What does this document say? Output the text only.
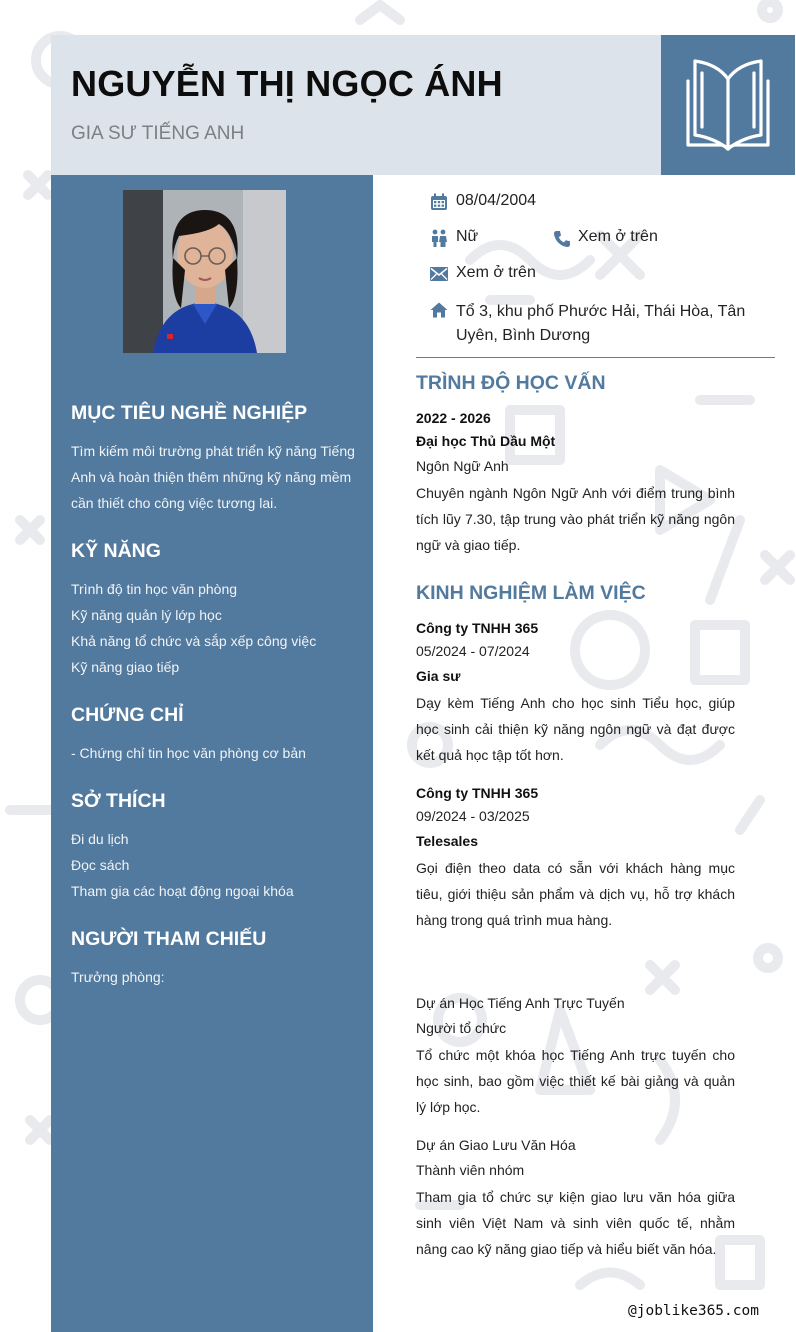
NGUYỄN THỊ NGỌC ÁNH
GIA SƯ TIẾNG ANH
MỤC TIÊU NGHỀ NGHIỆP
Tìm kiếm môi trường phát triển kỹ năng Tiếng Anh và hoàn thiện thêm những kỹ năng mềm cần thiết cho công việc tương lai.
KỸ NĂNG
Trình độ tin học văn phòng
Kỹ năng quản lý lớp học
Khả năng tổ chức và sắp xếp công việc
Kỹ năng giao tiếp
CHỨNG CHỈ
- Chứng chỉ tin học văn phòng cơ bản
SỞ THÍCH
Đi du lịch
Đọc sách
Tham gia các hoạt động ngoại khóa
NGƯỜI THAM CHIẾU
Trưởng phòng:
08/04/2004
Nữ	Xem ở trên
Xem ở trên
Tổ 3, khu phố Phước Hải, Thái Hòa, Tân Uyên, Bình Dương
TRÌNH ĐỘ HỌC VẤN
2022 - 2026
Đại học Thủ Dầu Một
Ngôn Ngữ Anh
Chuyên ngành Ngôn Ngữ Anh với điểm trung bình tích lũy 7.30, tập trung vào phát triển kỹ năng ngôn ngữ và giao tiếp.
KINH NGHIỆM LÀM VIỆC
Công ty TNHH 365
05/2024 - 07/2024
Gia sư
Dạy kèm Tiếng Anh cho học sinh Tiểu học, giúp học sinh cải thiện kỹ năng ngôn ngữ và đạt được kết quả học tập tốt hơn.
Công ty TNHH 365
09/2024 - 03/2025
Telesales
Gọi điện theo data có sẵn với khách hàng mục tiêu, giới thiệu sản phẩm và dịch vụ, hỗ trợ khách hàng trong quá trình mua hàng.
Dự án Học Tiếng Anh Trực Tuyến
Người tổ chức
Tổ chức một khóa học Tiếng Anh trực tuyến cho học sinh, bao gồm việc thiết kế bài giảng và quản lý lớp học.
Dự án Giao Lưu Văn Hóa
Thành viên nhóm
Tham gia tổ chức sự kiện giao lưu văn hóa giữa sinh viên Việt Nam và sinh viên quốc tế, nhằm nâng cao kỹ năng giao tiếp và hiểu biết văn hóa.
@joblike365.com
